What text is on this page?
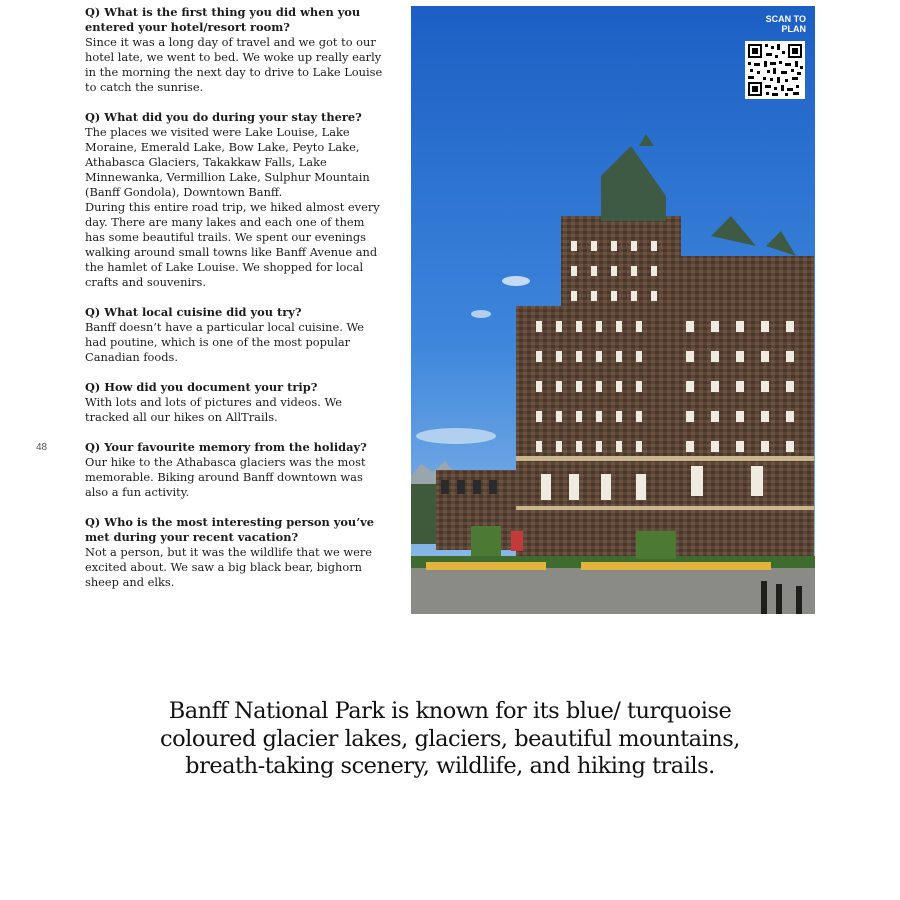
48
Q) What is the first thing you did when you entered your hotel/resort room?
Since it was a long day of travel and we got to our hotel late, we went to bed. We woke up really early in the morning the next day to drive to Lake Louise to catch the sunrise.
Q) What did you do during your stay there?
The places we visited were Lake Louise, Lake Moraine, Emerald Lake, Bow Lake, Peyto Lake, Athabasca Glaciers, Takakkaw Falls, Lake Minnewanka, Vermillion Lake, Sulphur Mountain (Banff Gondola), Downtown Banff.
During this entire road trip, we hiked almost every day. There are many lakes and each one of them has some beautiful trails. We spent our evenings walking around small towns like Banff Avenue and the hamlet of Lake Louise. We shopped for local crafts and souvenirs.
Q) What local cuisine did you try?
Banff doesn’t have a particular local cuisine. We had poutine, which is one of the most popular Canadian foods.
Q) How did you document your trip?
With lots and lots of pictures and videos. We tracked all our hikes on AllTrails.
Q) Your favourite memory from the holiday?
Our hike to the Athabasca glaciers was the most memorable. Biking around Banff downtown was also a fun activity.
Q) Who is the most interesting person you’ve met during your recent vacation?
Not a person, but it was the wildlife that we were excited about. We saw a big black bear, bighorn sheep and elks.
SCAN TO
PLAN
Banff National Park is known for its blue/ turquoise coloured glacier lakes, glaciers, beautiful mountains, breath-taking scenery, wildlife, and hiking trails.
